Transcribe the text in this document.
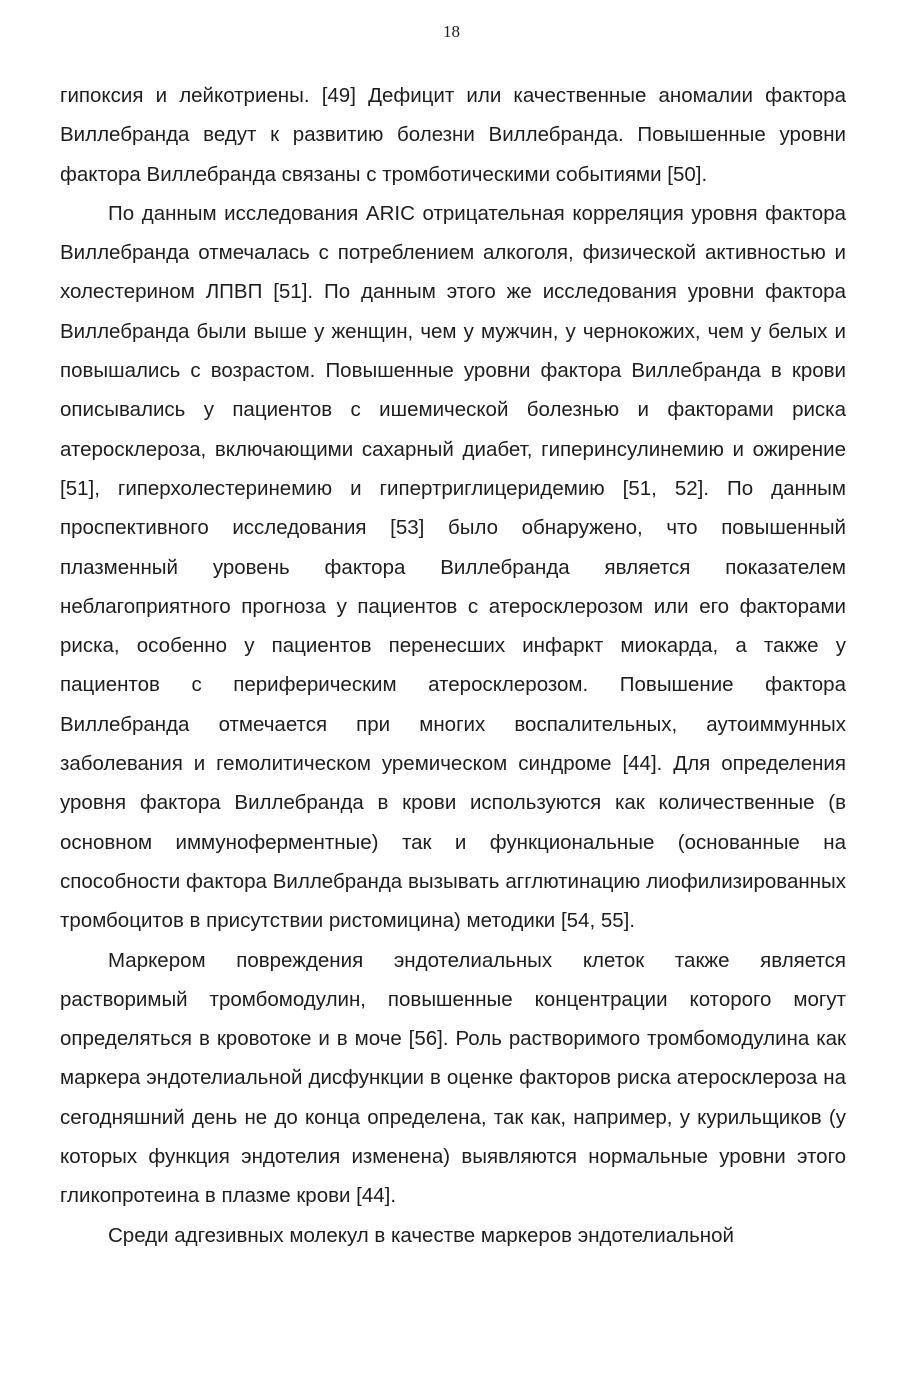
18

гипоксия и лейкотриены. [49] Дефицит или качественные аномалии фактора Виллебранда ведут к развитию болезни Виллебранда. Повышенные уровни фактора Виллебранда связаны с тромботическими событиями [50].

По данным исследования ARIC отрицательная корреляция уровня фактора Виллебранда отмечалась с потреблением алкоголя, физической активностью и холестерином ЛПВП [51]. По данным этого же исследования уровни фактора Виллебранда были выше у женщин, чем у мужчин, у чернокожих, чем у белых и повышались с возрастом. Повышенные уровни фактора Виллебранда в крови описывались у пациентов с ишемической болезнью и факторами риска атеросклероза, включающими сахарный диабет, гиперинсулинемию и ожирение [51], гиперхолестеринемию и гипертриглицеридемию [51, 52]. По данным проспективного исследования [53] было обнаружено, что повышенный плазменный уровень фактора Виллебранда является показателем неблагоприятного прогноза у пациентов с атеросклерозом или его факторами риска, особенно у пациентов перенесших инфаркт миокарда, а также у пациентов с периферическим атеросклерозом. Повышение фактора Виллебранда отмечается при многих воспалительных, аутоиммунных заболевания и гемолитическом уремическом синдроме [44]. Для определения уровня фактора Виллебранда в крови используются как количественные (в основном иммуноферментные) так и функциональные (основанные на способности фактора Виллебранда вызывать агглютинацию лиофилизированных тромбоцитов в присутствии ристомицина) методики [54, 55].

Маркером повреждения эндотелиальных клеток также является растворимый тромбомодулин, повышенные концентрации которого могут определяться в кровотоке и в моче [56]. Роль растворимого тромбомодулина как маркера эндотелиальной дисфункции в оценке факторов риска атеросклероза на сегодняшний день не до конца определена, так как, например, у курильщиков (у которых функция эндотелия изменена) выявляются нормальные уровни этого гликопротеина в плазме крови [44].

Среди адгезивных молекул в качестве маркеров эндотелиальной
